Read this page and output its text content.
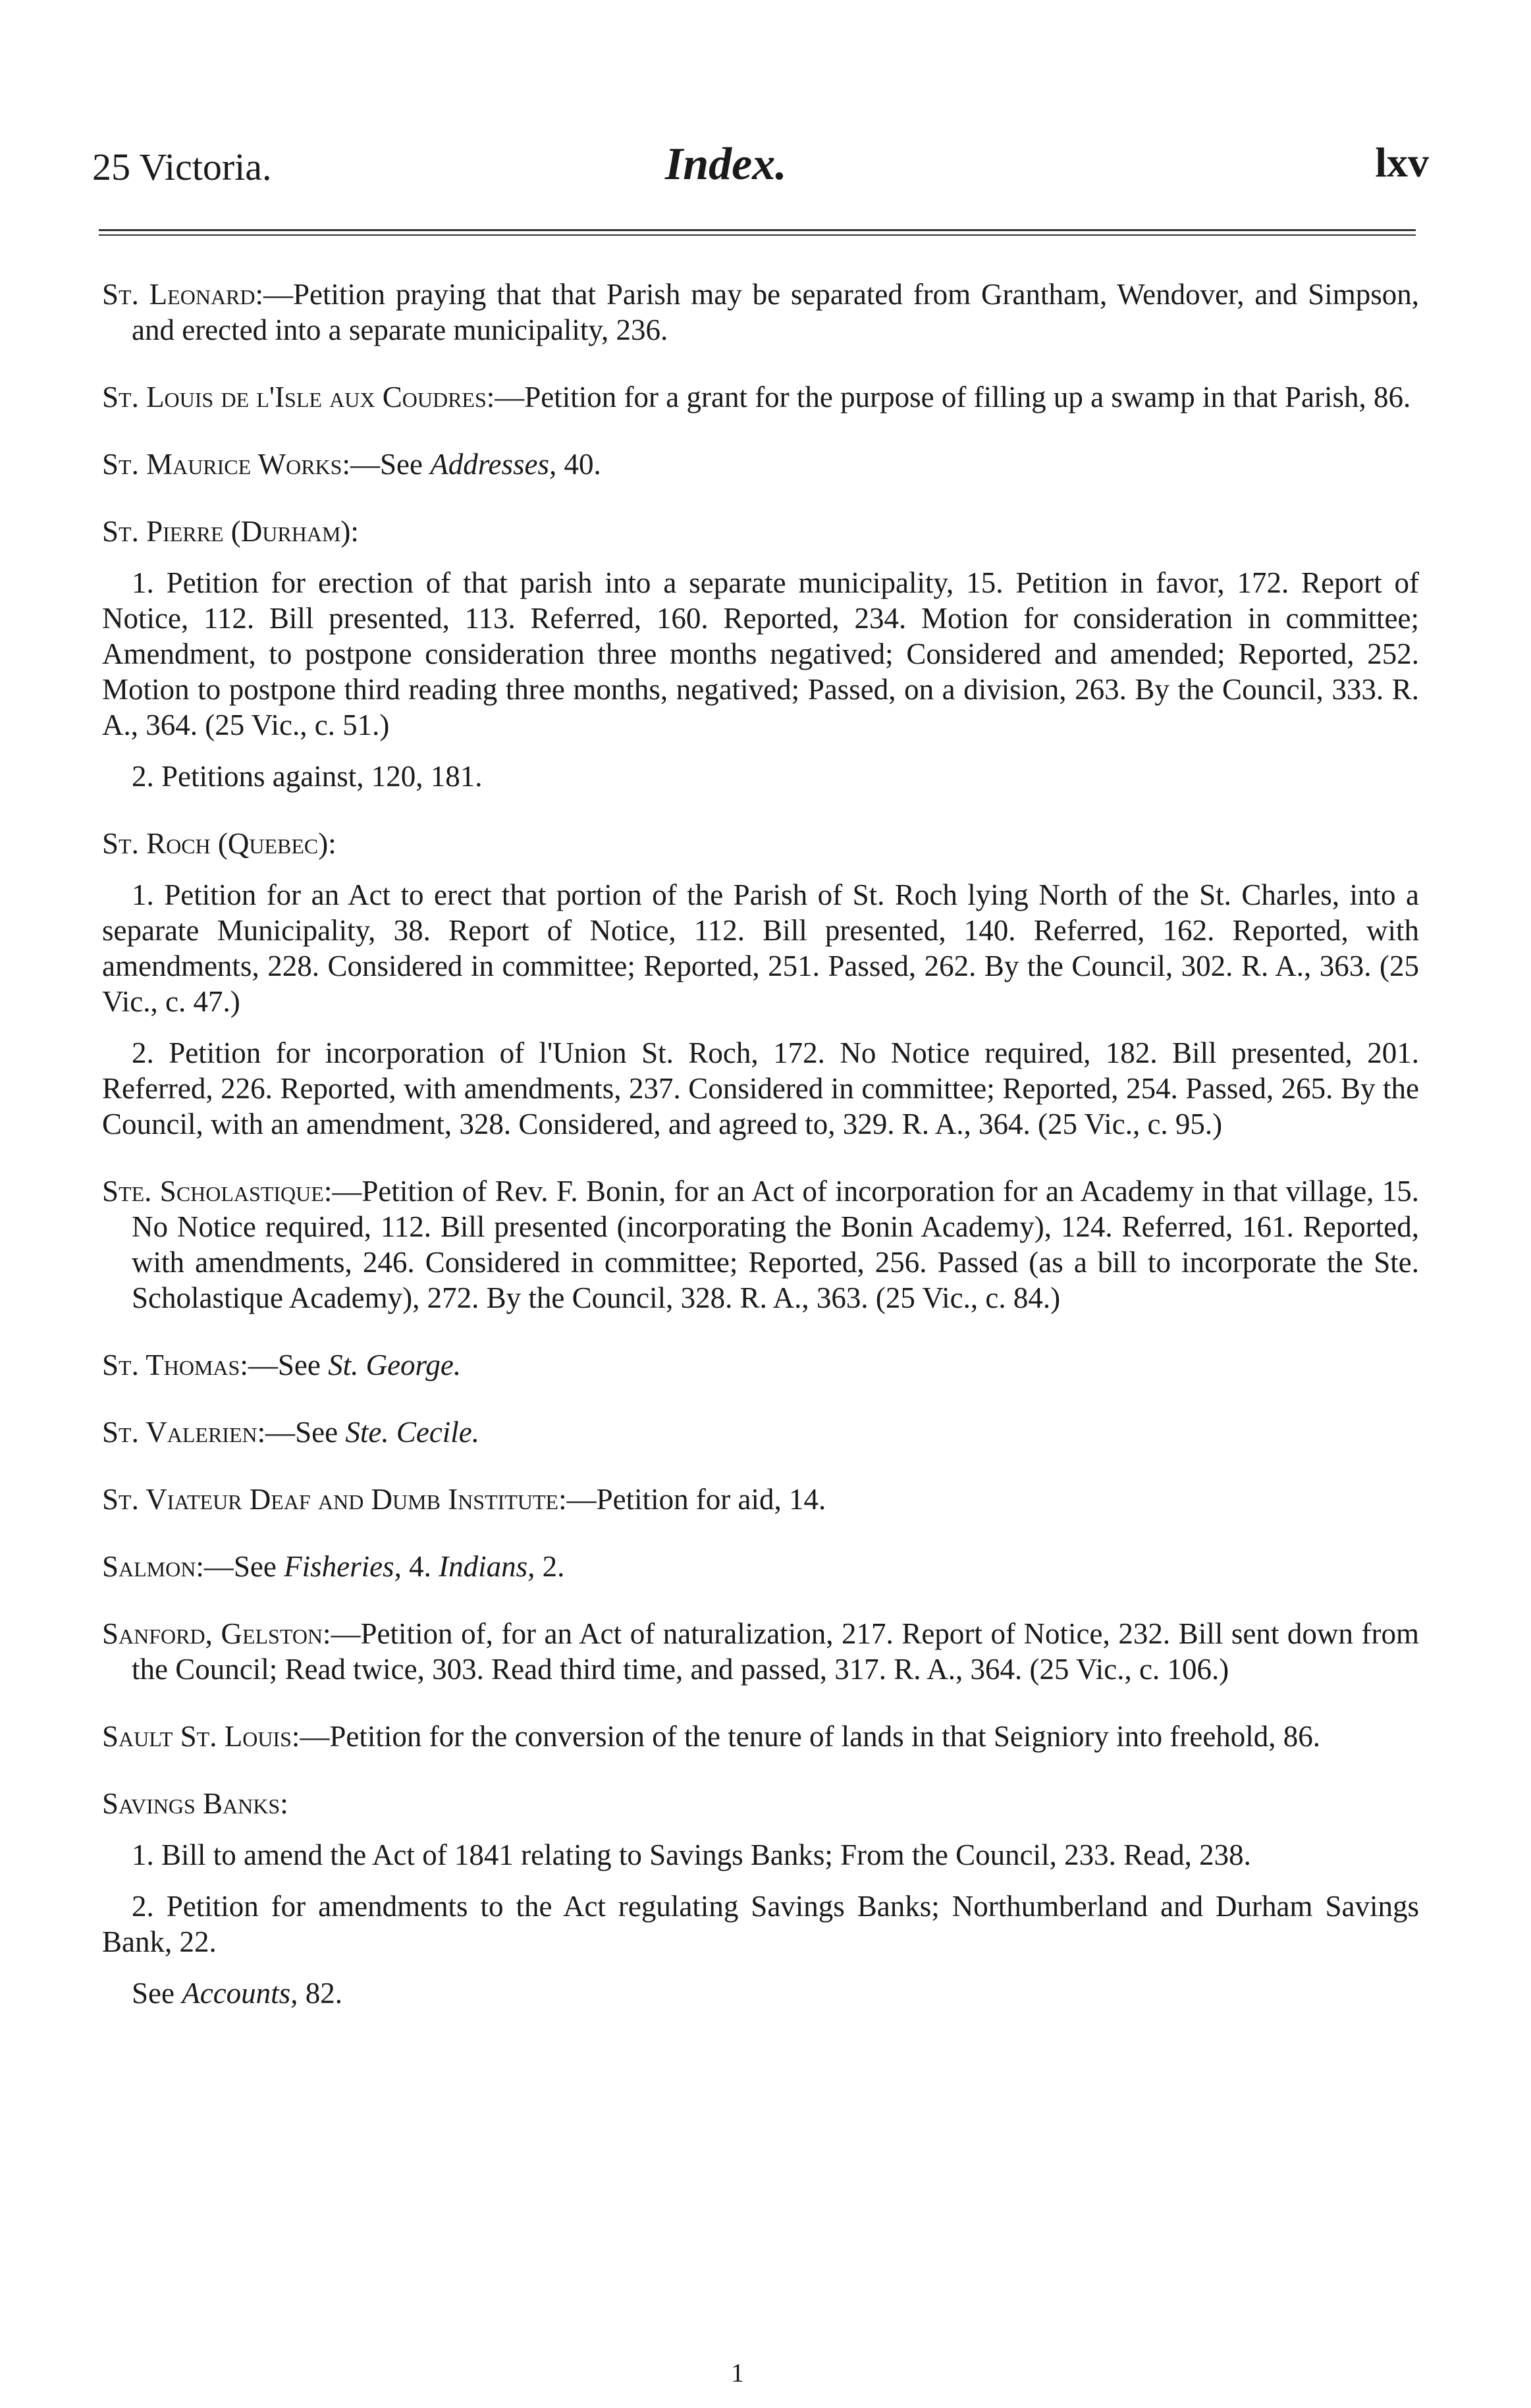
25 Victoria.	Index.	lxv

St. Leonard:—Petition praying that that Parish may be separated from Grantham, Wendover, and Simpson, and erected into a separate municipality, 236.

St. Louis de l'Isle aux Coudres:—Petition for a grant for the purpose of filling up a swamp in that Parish, 86.

St. Maurice Works:—See Addresses, 40.

St. Pierre (Durham):

1. Petition for erection of that parish into a separate municipality, 15. Petition in favor, 172. Report of Notice, 112. Bill presented, 113. Referred, 160. Reported, 234. Motion for consideration in committee; Amendment, to postpone consideration three months negatived; Considered and amended; Reported, 252. Motion to postpone third reading three months, negatived; Passed, on a division, 263. By the Council, 333. R. A., 364. (25 Vic., c. 51.)

2. Petitions against, 120, 181.

St. Roch (Quebec):

1. Petition for an Act to erect that portion of the Parish of St. Roch lying North of the St. Charles, into a separate Municipality, 38. Report of Notice, 112. Bill presented, 140. Referred, 162. Reported, with amendments, 228. Considered in committee; Reported, 251. Passed, 262. By the Council, 302. R. A., 363. (25 Vic., c. 47.)

2. Petition for incorporation of l'Union St. Roch, 172. No Notice required, 182. Bill presented, 201. Referred, 226. Reported, with amendments, 237. Considered in committee; Reported, 254. Passed, 265. By the Council, with an amendment, 328. Considered, and agreed to, 329. R. A., 364. (25 Vic., c. 95.)

Ste. Scholastique:—Petition of Rev. F. Bonin, for an Act of incorporation for an Academy in that village, 15. No Notice required, 112. Bill presented (incorporating the Bonin Academy), 124. Referred, 161. Reported, with amendments, 246. Considered in committee; Reported, 256. Passed (as a bill to incorporate the Ste. Scholastique Academy), 272. By the Council, 328. R. A., 363. (25 Vic., c. 84.)

St. Thomas:—See St. George.

St. Valerien:—See Ste. Cecile.

St. Viateur Deaf and Dumb Institute:—Petition for aid, 14.

Salmon:—See Fisheries, 4. Indians, 2.

Sanford, Gelston:—Petition of, for an Act of naturalization, 217. Report of Notice, 232. Bill sent down from the Council; Read twice, 303. Read third time, and passed, 317. R. A., 364. (25 Vic., c. 106.)

Sault St. Louis:—Petition for the conversion of the tenure of lands in that Seigniory into freehold, 86.

Savings Banks:

1. Bill to amend the Act of 1841 relating to Savings Banks; From the Council, 233. Read, 238.

2. Petition for amendments to the Act regulating Savings Banks; Northumberland and Durham Savings Bank, 22.

See Accounts, 82.

1
